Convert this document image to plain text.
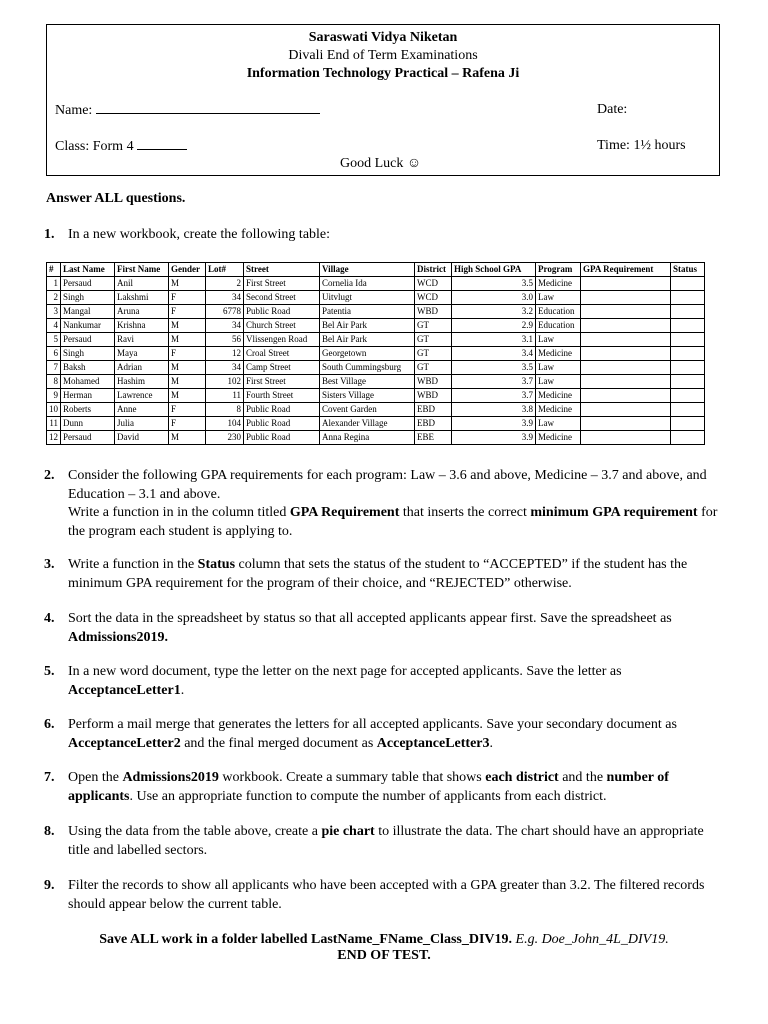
Saraswati Vidya Niketan
Divali End of Term Examinations
Information Technology Practical – Rafena Ji
Name:	Date:
Class: Form 4	Time: 1½ hours
Good Luck ☺
Answer ALL questions.
1. In a new workbook, create the following table:
#	Last Name	First Name	Gender	Lot#	Street	Village	District	High School GPA	Program	GPA Requirement	Status
1	Persaud	Anil	M	2	First Street	Cornelia Ida	WCD	3.5	Medicine		
2	Singh	Lakshmi	F	34	Second Street	Uitvlugt	WCD	3.0	Law		
3	Mangal	Aruna	F	6778	Public Road	Patentia	WBD	3.2	Education		
4	Nankumar	Krishna	M	34	Church Street	Bel Air Park	GT	2.9	Education		
5	Persaud	Ravi	M	56	Vlissengen Road	Bel Air Park	GT	3.1	Law		
6	Singh	Maya	F	12	Croal Street	Georgetown	GT	3.4	Medicine		
7	Baksh	Adrian	M	34	Camp Street	South Cummingsburg	GT	3.5	Law		
8	Mohamed	Hashim	M	102	First Street	Best Village	WBD	3.7	Law		
9	Herman	Lawrence	M	11	Fourth Street	Sisters Village	WBD	3.7	Medicine		
10	Roberts	Anne	F	8	Public Road	Covent Garden	EBD	3.8	Medicine		
11	Dunn	Julia	F	104	Public Road	Alexander Village	EBD	3.9	Law		
12	Persaud	David	M	230	Public Road	Anna Regina	EBE	3.9	Medicine		
2. Consider the following GPA requirements for each program: Law – 3.6 and above, Medicine – 3.7 and above, and Education – 3.1 and above.
Write a function in in the column titled GPA Requirement that inserts the correct minimum GPA requirement for the program each student is applying to.
3. Write a function in the Status column that sets the status of the student to “ACCEPTED” if the student has the minimum GPA requirement for the program of their choice, and “REJECTED” otherwise.
4. Sort the data in the spreadsheet by status so that all accepted applicants appear first. Save the spreadsheet as Admissions2019.
5. In a new word document, type the letter on the next page for accepted applicants. Save the letter as AcceptanceLetter1.
6. Perform a mail merge that generates the letters for all accepted applicants. Save your secondary document as AcceptanceLetter2 and the final merged document as AcceptanceLetter3.
7. Open the Admissions2019 workbook. Create a summary table that shows each district and the number of applicants. Use an appropriate function to compute the number of applicants from each district.
8. Using the data from the table above, create a pie chart to illustrate the data. The chart should have an appropriate title and labelled sectors.
9. Filter the records to show all applicants who have been accepted with a GPA greater than 3.2. The filtered records should appear below the current table.
Save ALL work in a folder labelled LastName_FName_Class_DIV19. E.g. Doe_John_4L_DIV19.
END OF TEST.
